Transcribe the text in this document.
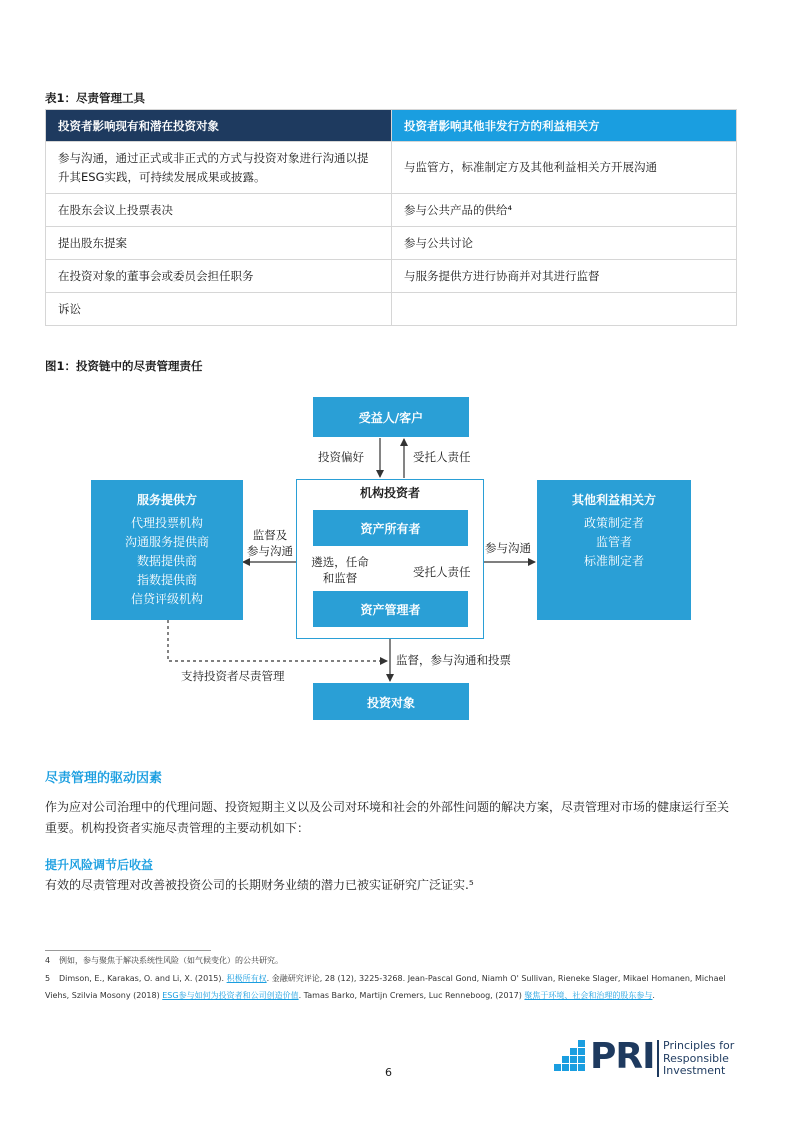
表1：尽责管理工具
投资者影响现有和潜在投资对象	投资者影响其他非发行方的利益相关方
参与沟通，通过正式或非正式的方式与投资对象进行沟通以提升其ESG实践，可持续发展成果或披露。	与监管方，标准制定方及其他利益相关方开展沟通
在股东会议上投票表决	参与公共产品的供给⁴
提出股东提案	参与公共讨论
在投资对象的董事会或委员会担任职务	与服务提供方进行协商并对其进行监督
诉讼	
图1：投资链中的尽责管理责任
受益人/客户
投资偏好	受托人责任
机构投资者
资产所有者
遴选，任命
和监督	受托人责任
资产管理者
服务提供方
代理投票机构
沟通服务提供商
数据提供商
指数提供商
信贷评级机构
监督及
参与沟通
其他利益相关方
政策制定者
监管者
标准制定者
参与沟通
监督，参与沟通和投票
支持投资者尽责管理
投资对象
尽责管理的驱动因素
作为应对公司治理中的代理问题、投资短期主义以及公司对环境和社会的外部性问题的解决方案，尽责管理对市场的健康运行至关重要。机构投资者实施尽责管理的主要动机如下：
提升风险调节后收益
有效的尽责管理对改善被投资公司的长期财务业绩的潜力已被实证研究广泛证实.⁵
4 例如，参与聚焦于解决系统性风险（如气候变化）的公共研究。
5 Dimson, E., Karakas, O. and Li, X. (2015). 积极所有权. 金融研究评论, 28 (12), 3225-3268. Jean-Pascal Gond, Niamh O' Sullivan, Rieneke Slager, Mikael Homanen, Michael Viehs, Szilvia Mosony (2018) ESG参与如何为投资者和公司创造价值. Tamas Barko, Martijn Cremers, Luc Renneboog, (2017) 聚焦于环境、社会和治理的股东参与.
6	PRI Principles for
Responsible
Investment
